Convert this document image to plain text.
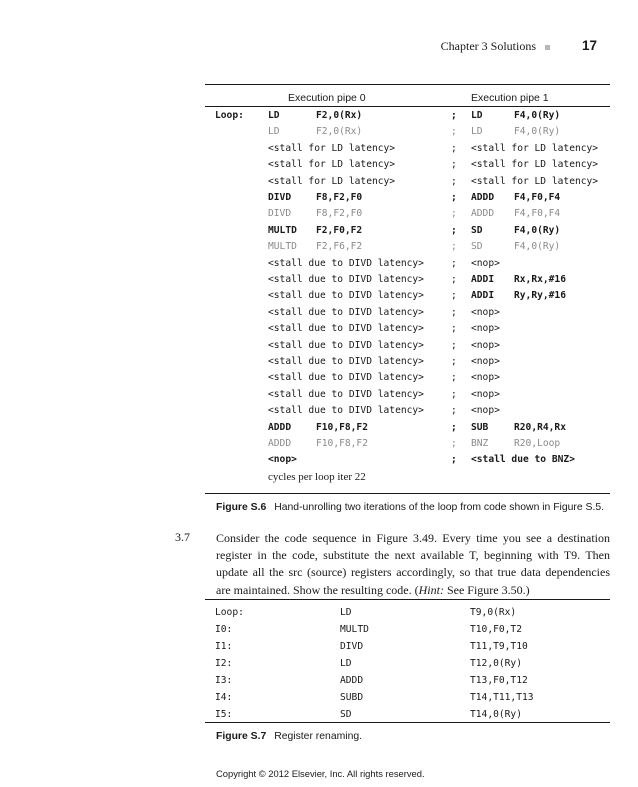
Chapter 3 Solutions	17
Execution pipe 0	Execution pipe 1
Loop:	LD	F2,0(Rx)	; LD	F4,0(Ry)
LD	F2,0(Rx)	; LD	F4,0(Ry)
<stall for LD latency>	; <stall for LD latency>
<stall for LD latency>	; <stall for LD latency>
<stall for LD latency>	; <stall for LD latency>
DIVD	F8,F2,F0	; ADDD F4,F0,F4
DIVD	F8,F2,F0	; ADDD F4,F0,F4
MULTD F2,F0,F2	; SD	F4,0(Ry)
MULTD F2,F6,F2	; SD	F4,0(Ry)
<stall due to DIVD latency>	; <nop>
<stall due to DIVD latency>	; ADDI Rx,Rx,#16
<stall due to DIVD latency>	; ADDI Ry,Ry,#16
<stall due to DIVD latency>	; <nop>
<stall due to DIVD latency>	; <nop>
<stall due to DIVD latency>	; <nop>
<stall due to DIVD latency>	; <nop>
<stall due to DIVD latency>	; <nop>
<stall due to DIVD latency>	; <nop>
<stall due to DIVD latency>	; <nop>
ADDD	F10,F8,F2	; SUB	R20,R4,Rx
ADDD	F10,F8,F2	; BNZ	R20,Loop
<nop>	; <stall due to BNZ>
cycles per loop iter 22
Figure S.6 Hand-unrolling two iterations of the loop from code shown in Figure S.5.
3.7 Consider the code sequence in Figure 3.49. Every time you see a destination register in the code, substitute the next available T, beginning with T9. Then update all the src (source) registers accordingly, so that true data dependencies are maintained. Show the resulting code. (Hint: See Figure 3.50.)
Loop:	LD	T9,0(Rx)
I0:	MULTD	T10,F0,T2
I1:	DIVD	T11,T9,T10
I2:	LD	T12,0(Ry)
I3:	ADDD	T13,F0,T12
I4:	SUBD	T14,T11,T13
I5:	SD	T14,0(Ry)
Figure S.7 Register renaming.
Copyright © 2012 Elsevier, Inc. All rights reserved.
